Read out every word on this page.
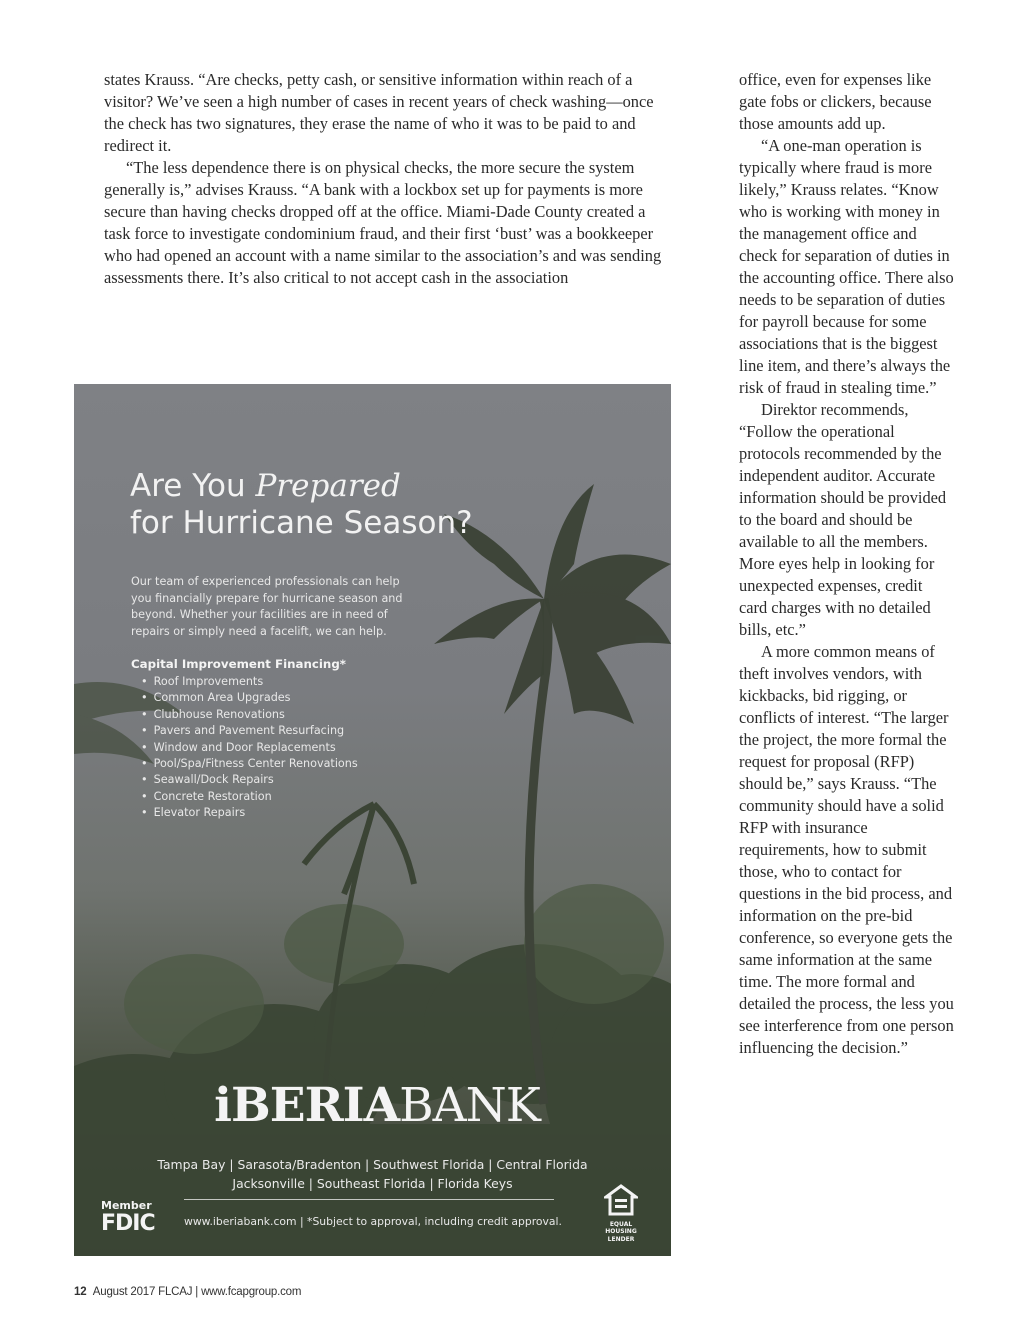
states Krauss. “Are checks, petty cash, or sensitive information within reach of a visitor? We’ve seen a high number of cases in recent years of check washing—once the check has two signatures, they erase the name of who it was to be paid to and redirect it.

“The less dependence there is on physical checks, the more secure the system generally is,” advises Krauss. “A bank with a lockbox set up for payments is more secure than having checks dropped off at the office. Miami-Dade County created a task force to investigate condominium fraud, and their first ‘bust’ was a bookkeeper who had opened an account with a name similar to the association’s and was sending assessments there. It’s also critical to not accept cash in the association

office, even for expenses like gate fobs or clickers, because those amounts add up.

“A one-man operation is typically where fraud is more likely,” Krauss relates. “Know who is working with money in the management office and check for separation of duties in the accounting office. There also needs to be separation of duties for payroll because for some associations that is the biggest line item, and there’s always the risk of fraud in stealing time.”

Direktor recommends, “Follow the operational protocols recommended by the independent auditor. Accurate information should be provided to the board and should be available to all the members. More eyes help in looking for unexpected expenses, credit card charges with no detailed bills, etc.”

A more common means of theft involves vendors, with kickbacks, bid rigging, or conflicts of interest. “The larger the project, the more formal the request for proposal (RFP) should be,” says Krauss. “The community should have a solid RFP with insurance requirements, how to submit those, who to contact for questions in the bid process, and information on the pre-bid conference, so everyone gets the same information at the same time. The more formal and detailed the process, the less you see interference from one person influencing the decision.”

Are You Prepared
for Hurricane Season?

Our team of experienced professionals can help you financially prepare for hurricane season and beyond. Whether your facilities are in need of repairs or simply need a facelift, we can help.

Capital Improvement Financing*

• Roof Improvements
• Common Area Upgrades
• Clubhouse Renovations
• Pavers and Pavement Resurfacing
• Window and Door Replacements
• Pool/Spa/Fitness Center Renovations
• Seawall/Dock Repairs
• Concrete Restoration
• Elevator Repairs
iBERIABANK

Tampa Bay | Sarasota/Bradenton | Southwest Florida | Central Florida

Jacksonville | Southeast Florida | Florida Keys

Member
FDIC	www.iberiabank.com | *Subject to approval, including credit approval.	EQUAL HOUSING
LENDER

12 August 2017 FLCAJ | www.fcapgroup.com
